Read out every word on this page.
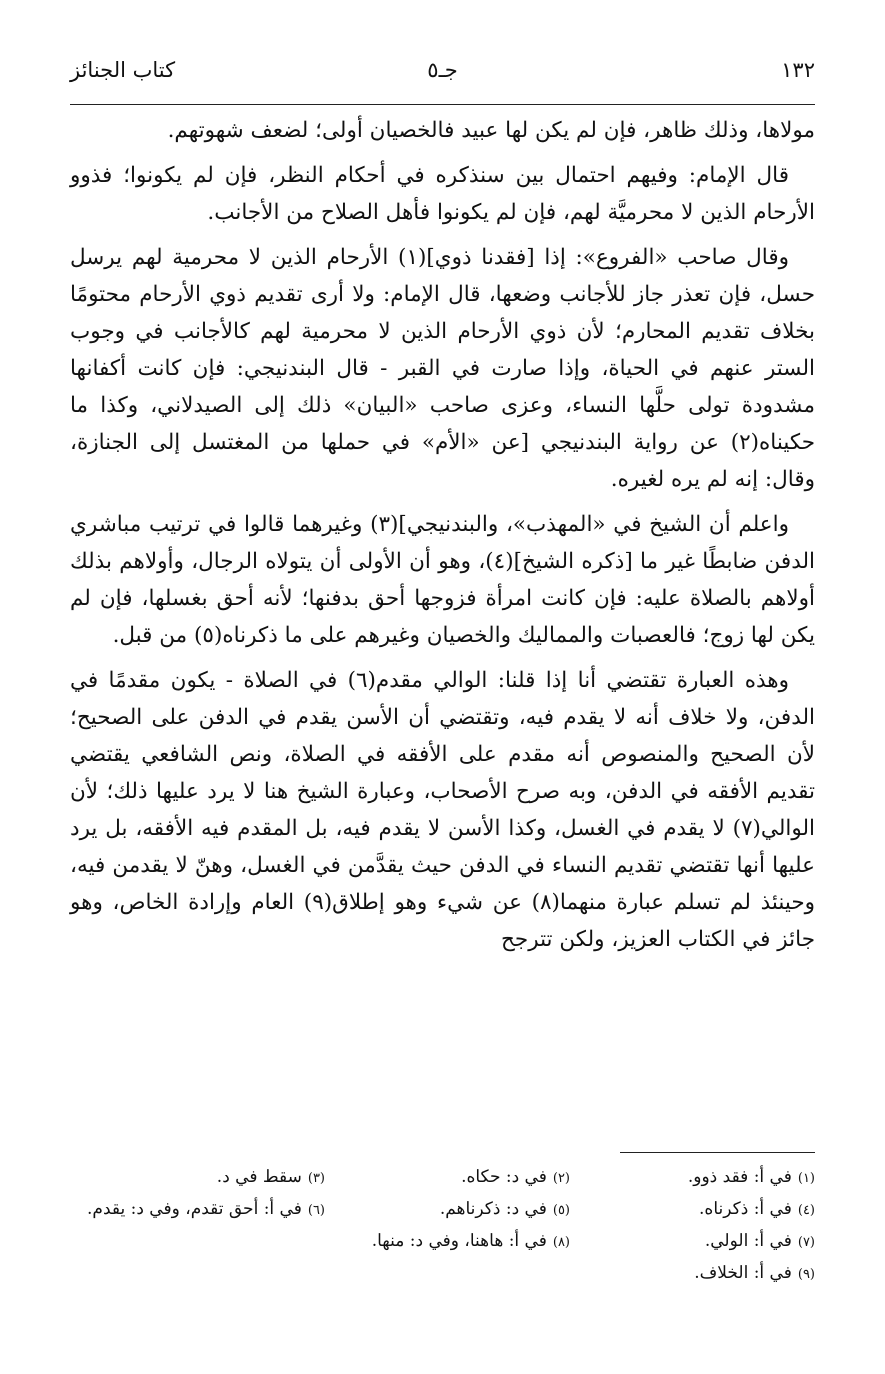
١٣٢
جـ٥
كتاب الجنائز

مولاها، وذلك ظاهر، فإن لم يكن لها عبيد فالخصيان أولى؛ لضعف شهوتهم.

قال الإمام: وفيهم احتمال بين سنذكره في أحكام النظر، فإن لم يكونوا؛ فذوو الأرحام الذين لا محرميَّة لهم، فإن لم يكونوا فأهل الصلاح من الأجانب.

وقال صاحب «الفروع»: إذا [فقدنا ذوي](١) الأرحام الذين لا محرمية لهم يرسل حسل، فإن تعذر جاز للأجانب وضعها، قال الإمام: ولا أرى تقديم ذوي الأرحام محتومًا بخلاف تقديم المحارم؛ لأن ذوي الأرحام الذين لا محرمية لهم كالأجانب في وجوب الستر عنهم في الحياة، وإذا صارت في القبر - قال البندنيجي: فإن كانت أكفانها مشدودة تولى حلَّها النساء، وعزى صاحب «البيان» ذلك إلى الصيدلاني، وكذا ما حكيناه(٢) عن رواية البندنيجي [عن «الأم» في حملها من المغتسل إلى الجنازة، وقال: إنه لم يره لغيره.

واعلم أن الشيخ في «المهذب»، والبندنيجي](٣) وغيرهما قالوا في ترتيب مباشري الدفن ضابطًا غير ما [ذكره الشيخ](٤)، وهو أن الأولى أن يتولاه الرجال، وأولاهم بذلك أولاهم بالصلاة عليه: فإن كانت امرأة فزوجها أحق بدفنها؛ لأنه أحق بغسلها، فإن لم يكن لها زوج؛ فالعصبات والمماليك والخصيان وغيرهم على ما ذكرناه(٥) من قبل.

وهذه العبارة تقتضي أنا إذا قلنا: الوالي مقدم(٦) في الصلاة - يكون مقدمًا في الدفن، ولا خلاف أنه لا يقدم فيه، وتقتضي أن الأسن يقدم في الدفن على الصحيح؛ لأن الصحيح والمنصوص أنه مقدم على الأفقه في الصلاة، ونص الشافعي يقتضي تقديم الأفقه في الدفن، وبه صرح الأصحاب، وعبارة الشيخ هنا لا يرد عليها ذلك؛ لأن الوالي(٧) لا يقدم في الغسل، وكذا الأسن لا يقدم فيه، بل المقدم فيه الأفقه، بل يرد عليها أنها تقتضي تقديم النساء في الدفن حيث يقدَّمن في الغسل، وهنّ لا يقدمن فيه، وحينئذ لم تسلم عبارة منهما(٨) عن شيء وهو إطلاق(٩) العام وإرادة الخاص، وهو جائز في الكتاب العزيز، ولكن تترجح

(١)في أ: فقد ذوو.
(٢)في د: حكاه.
(٣)سقط في د.
(٤)في أ: ذكرناه.
(٥)في د: ذكرناهم.
(٦)في أ: أحق تقدم، وفي د: يقدم.
(٧)في أ: الولي.
(٨)في أ: هاهنا، وفي د: منها.
(٩)في أ: الخلاف.
